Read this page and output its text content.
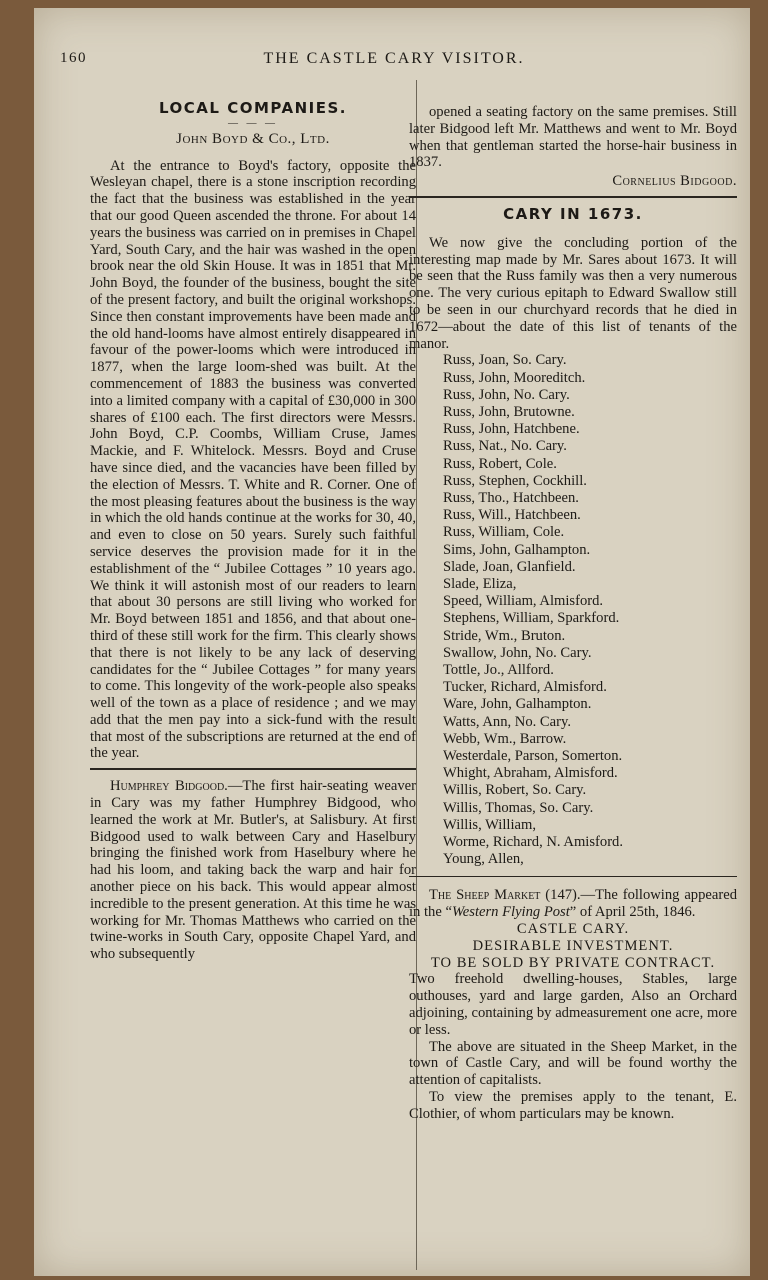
160	THE CASTLE CARY VISITOR.
LOCAL COMPANIES.
— — —
John Boyd & Co., Ltd.

At the entrance to Boyd's factory, opposite the Wesleyan chapel, there is a stone inscription recording the fact that the business was established in the year that our good Queen ascended the throne. For about 14 years the business was carried on in premises in Chapel Yard, South Cary, and the hair was washed in the open brook near the old Skin House. It was in 1851 that Mr. John Boyd, the founder of the business, bought the site of the present factory, and built the original workshops. Since then constant improvements have been made and the old hand-looms have almost entirely disappeared in favour of the power-looms which were introduced in 1877, when the large loom-shed was built. At the commencement of 1883 the business was converted into a limited company with a capital of £30,000 in 300 shares of £100 each. The first directors were Messrs. John Boyd, C.P. Coombs, William Cruse, James Mackie, and F. Whitelock. Messrs. Boyd and Cruse have since died, and the vacancies have been filled by the election of Messrs. T. White and R. Corner. One of the most pleasing features about the business is the way in which the old hands continue at the works for 30, 40, and even to close on 50 years. Surely such faithful service deserves the provision made for it in the establishment of the “ Jubilee Cottages ” 10 years ago. We think it will astonish most of our readers to learn that about 30 persons are still living who worked for Mr. Boyd between 1851 and 1856, and that about one-third of these still work for the firm. This clearly shows that there is not likely to be any lack of deserving candidates for the “ Jubilee Cottages ” for many years to come. This longevity of the work-people also speaks well of the town as a place of residence ; and we may add that the men pay into a sick-fund with the result that most of the subscriptions are returned at the end of the year.

Humphrey Bidgood.—The first hair-seating weaver in Cary was my father Humphrey Bidgood, who learned the work at Mr. Butler's, at Salisbury. At first Bidgood used to walk between Cary and Haselbury bringing the finished work from Haselbury where he had his loom, and taking back the warp and hair for another piece on his back. This would appear almost incredible to the present generation. At this time he was working for Mr. Thomas Matthews who carried on the twine-works in South Cary, opposite Chapel Yard, and who subsequently

opened a seating factory on the same premises. Still later Bidgood left Mr. Matthews and went to Mr. Boyd when that gentleman started the horse-hair business in 1837.

Cornelius Bidgood.
CARY IN 1673.

We now give the concluding portion of the interesting map made by Mr. Sares about 1673. It will be seen that the Russ family was then a very numerous one. The very curious epitaph to Edward Swallow still to be seen in our churchyard records that he died in 1672—about the date of this list of tenants of the manor.

Russ, Joan, So. Cary.
Russ, John, Mooreditch.
Russ, John, No. Cary.
Russ, John, Brutowne.
Russ, John, Hatchbene.
Russ, Nat., No. Cary.
Russ, Robert, Cole.
Russ, Stephen, Cockhill.
Russ, Tho., Hatchbeen.
Russ, Will., Hatchbeen.
Russ, William, Cole.
Sims, John, Galhampton.
Slade, Joan, Glanfield.
Slade, Eliza,
Speed, William, Almisford.
Stephens, William, Sparkford.
Stride, Wm., Bruton.
Swallow, John, No. Cary.
Tottle, Jo., Allford.
Tucker, Richard, Almisford.
Ware, John, Galhampton.
Watts, Ann, No. Cary.
Webb, Wm., Barrow.
Westerdale, Parson, Somerton.
Whight, Abraham, Almisford.
Willis, Robert, So. Cary.
Willis, Thomas, So. Cary.
Willis, William,
Worme, Richard, N. Amisford.
Young, Allen,

The Sheep Market (147).—The following appeared in the “Western Flying Post” of April 25th, 1846.

CASTLE CARY.

DESIRABLE INVESTMENT.

TO BE SOLD BY PRIVATE CONTRACT.

Two freehold dwelling-houses, Stables, large outhouses, yard and large garden, Also an Orchard adjoining, containing by admeasurement one acre, more or less.

The above are situated in the Sheep Market, in the town of Castle Cary, and will be found worthy the attention of capitalists.

To view the premises apply to the tenant, E. Clothier, of whom particulars may be known.
